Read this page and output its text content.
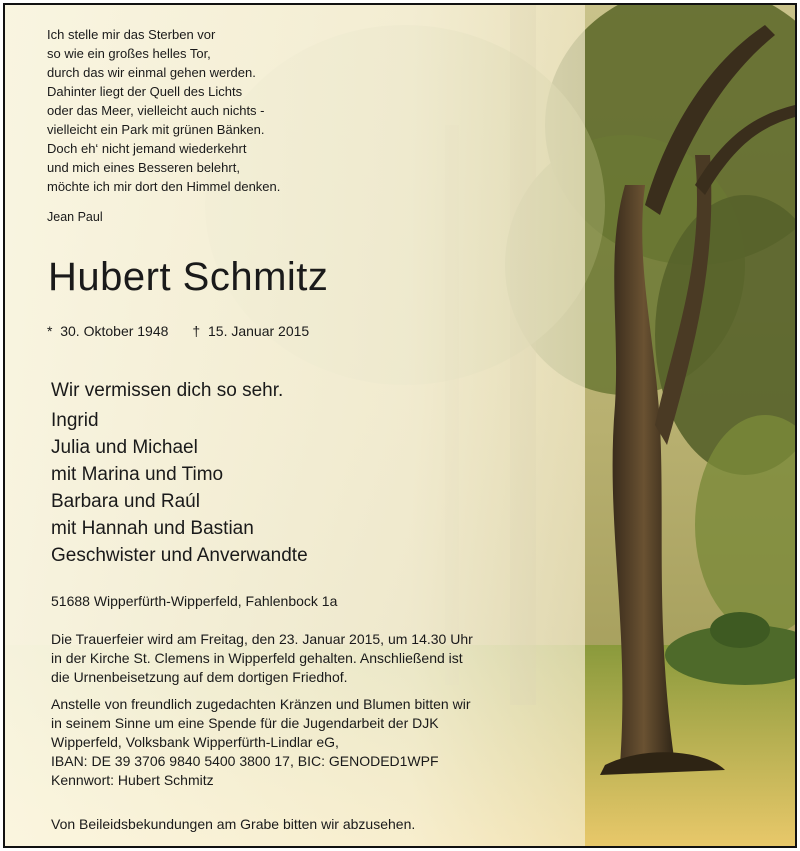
Ich stelle mir das Sterben vor
so wie ein großes helles Tor,
durch das wir einmal gehen werden.
Dahinter liegt der Quell des Lichts
oder das Meer, vielleicht auch nichts -
vielleicht ein Park mit grünen Bänken.
Doch eh‘ nicht jemand wiederkehrt
und mich eines Besseren belehrt,
möchte ich mir dort den Himmel denken.
Jean Paul
Hubert Schmitz
* 30. Oktober 1948 † 15. Januar 2015
Wir vermissen dich so sehr.
Ingrid
Julia und Michael
mit Marina und Timo
Barbara und Raúl
mit Hannah und Bastian
Geschwister und Anverwandte
51688 Wipperfürth-Wipperfeld, Fahlenbock 1a
Die Trauerfeier wird am Freitag, den 23. Januar 2015, um 14.30 Uhr
in der Kirche St. Clemens in Wipperfeld gehalten. Anschließend ist
die Urnenbeisetzung auf dem dortigen Friedhof.
Anstelle von freundlich zugedachten Kränzen und Blumen bitten wir
in seinem Sinne um eine Spende für die Jugendarbeit der DJK
Wipperfeld, Volksbank Wipperfürth-Lindlar eG,
IBAN: DE 39 3706 9840 5400 3800 17, BIC: GENODED1WPF
Kennwort: Hubert Schmitz
Von Beileidsbekundungen am Grabe bitten wir abzusehen.
